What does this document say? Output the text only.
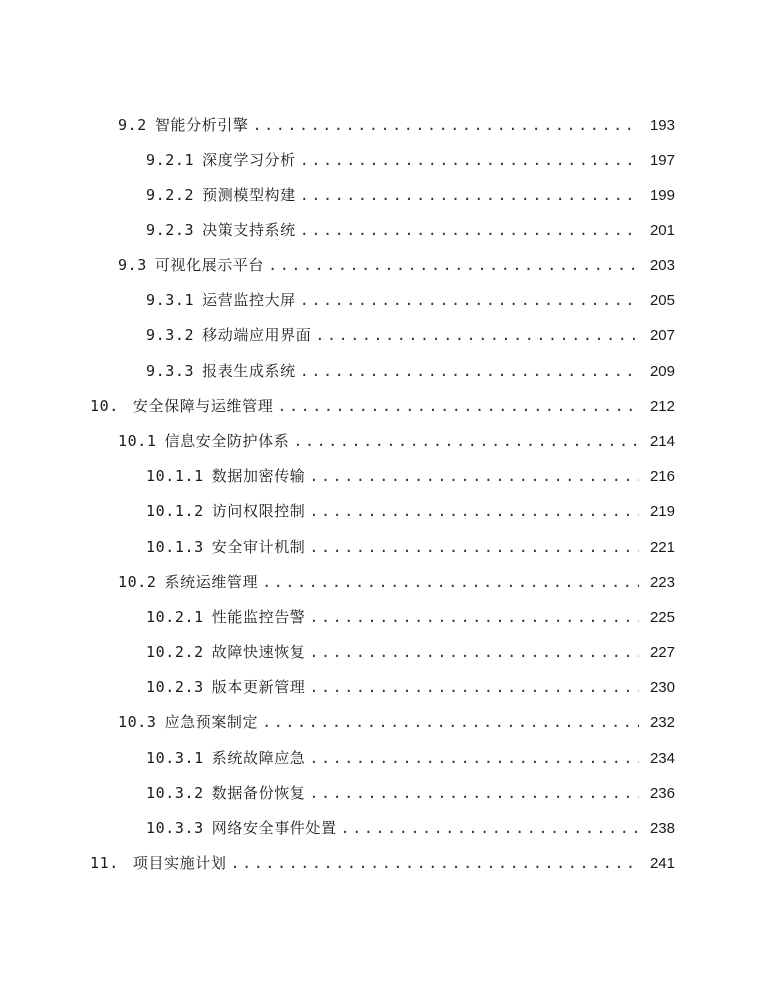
9.2 智能分析引擎 .....	193
9.2.1 深度学习分析 .....	197
9.2.2 预测模型构建 .....	199
9.2.3 决策支持系统 .....	201
9.3 可视化展示平台 .....	203
9.3.1 运营监控大屏 .....	205
9.3.2 移动端应用界面 .....	207
9.3.3 报表生成系统 .....	209
10. 安全保障与运维管理 .....	212
10.1 信息安全防护体系 .....	214
10.1.1 数据加密传输 .....	216
10.1.2 访问权限控制 .....	219
10.1.3 安全审计机制 .....	221
10.2 系统运维管理 .....	223
10.2.1 性能监控告警 .....	225
10.2.2 故障快速恢复 .....	227
10.2.3 版本更新管理 .....	230
10.3 应急预案制定 .....	232
10.3.1 系统故障应急 .....	234
10.3.2 数据备份恢复 .....	236
10.3.3 网络安全事件处置 .....	238
11. 项目实施计划 .....	241
